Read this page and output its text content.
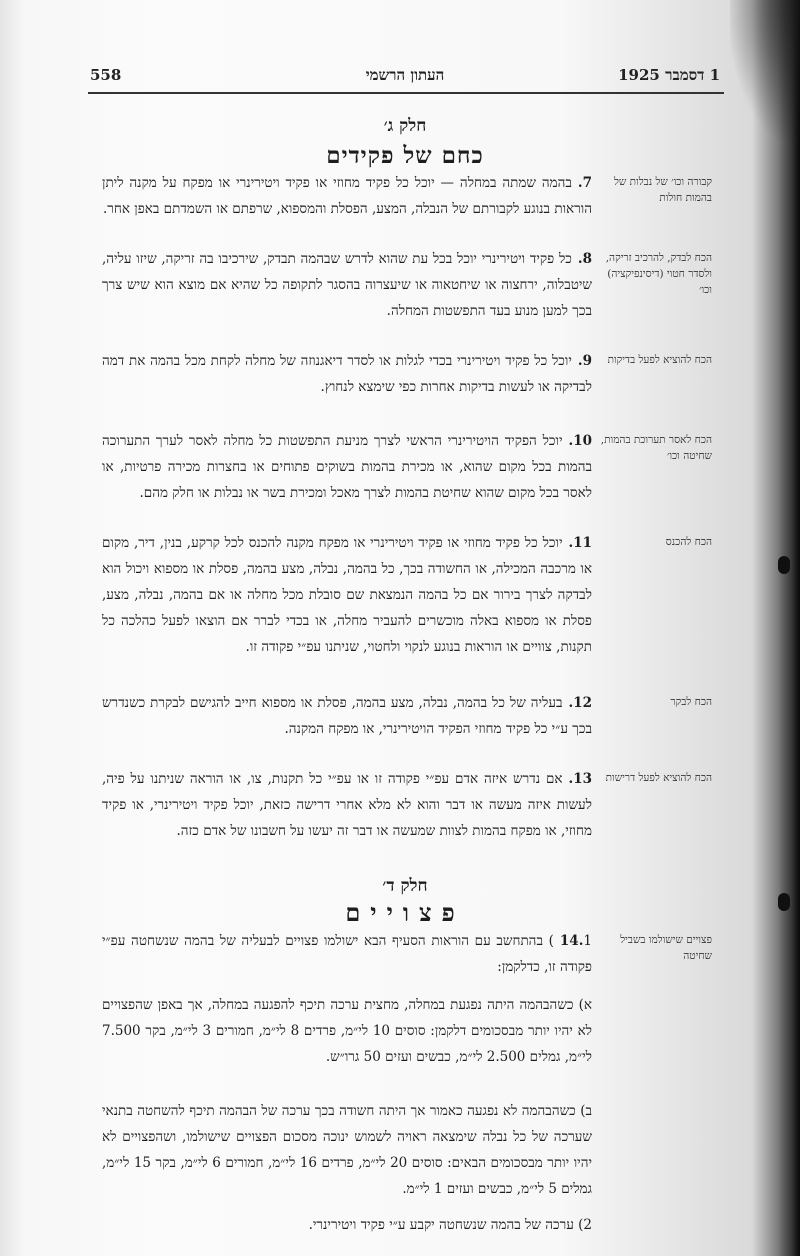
558	העתון הרשמי	1 דסמבר 1925
חלק ג׳
כחם של פקידים
קבורה וכו׳ של נבלות של בהמות חולות
7.בהמה שמתה במחלה — יוכל כל פקיד מחוזי או פקיד ויטירינרי או מפקח על מקנה ליתן הוראות בנוגע לקבורתם של הנבלה, המצע, הפסלת והמספוא, שרפתם או השמדתם באפן אחר.
הכח לבדק, להרכיב זריקה, ולסדר חטוי (דיסינפיקציה) וכו׳
8.כל פקיד ויטירינרי יוכל בכל עת שהוא לדרש שבהמה תבדק, שירכיבו בה זריקה, שיזו עליה, שיטבלוה, ירחצוה או שיחטאוה או שיעצרוה בהסגר לתקופה כל שהיא אם מוצא הוא שיש צרך בכך למען מנוע בעד התפשטות המחלה.
הכח להוציא לפעל בדיקות
9.יוכל כל פקיד ויטירינרי בכדי לגלות או לסדר דיאגנוזה של מחלה לקחת מכל בהמה את דמה לבדיקה או לעשות בדיקות אחרות כפי שימצא לנחוץ.
הכח לאסר תערוכת בהמות, שחיטה וכו׳
10.יוכל הפקיד הויטירינרי הראשי לצרך מניעת התפשטות כל מחלה לאסר לערך התערוכה בהמות בכל מקום שהוא, או מכירת בהמות בשוקים פתוחים או בחצרות מכירה פרטיות, או לאסר בכל מקום שהוא שחיטת בהמות לצרך מאכל ומכירת בשר או נבלות או חלק מהם.
הכח להכנס
11.יוכל כל פקיד מחוזי או פקיד ויטירינרי או מפקח מקנה להכנס לכל קרקע, בנין, דיר, מקום או מרכבה המכילה, או החשודה בכך, כל בהמה, נבלה, מצע בהמה, פסלת או מספוא ויכול הוא לבדקה לצרך בירור אם כל בהמה הנמצאת שם סובלת מכל מחלה או אם בהמה, נבלה, מצע, פסלת או מספוא באלה מוכשרים להעביר מחלה, או בכדי לברר אם הוצאו לפעל כהלכה כל תקנות, צוויים או הוראות בנוגע לנקוי ולחטוי, שניתנו עפ״י פקודה זו.
הכח לבקר
12.בעליה של כל בהמה, נבלה, מצע בהמה, פסלת או מספוא חייב להגישם לבקרת כשנדרש בכך ע״י כל פקיד מחוזי הפקיד הויטירינרי, או מפקח המקנה.
הכח להוציא לפעל דרישות
13.אם נדרש איזה אדם עפ״י פקודה זו או עפ״י כל תקנות, צו, או הוראה שניתנו על פיה, לעשות איזה מעשה או דבר והוא לא מלא אחרי דרישה כזאת, יוכל פקיד ויטירינרי, או פקיד מחוזי, או מפקח בהמות לצוות שמעשה או דבר זה יעשו על חשבונו של אדם כזה.
חלק ד׳
פצויים
פצויים שישולמו בשביל שחיטה
14.1) בהתחשב עם הוראות הסעיף הבא ישולמו פצויים לבעליה של בהמה שנשחטה עפ״י פקודה זו, כדלקמן:
א) כשהבהמה היתה נפגעת במחלה, מחצית ערכה תיכף להפגעה במחלה, אך באפן שהפצויים לא יהיו יותר מבסכומים דלקמן: סוסים 10 לי״מ, פרדים 8 לי״מ, חמורים 3 לי״מ, בקר 7.500 לי״מ, גמלים 2.500 לי״מ, כבשים ועזים 50 גרו״ש.
ב) כשהבהמה לא נפגעה כאמור אך היתה חשודה בכך ערכה של הבהמה תיכף להשחטה בתנאי שערכה של כל נבלה שימצאה ראויה לשמוש ינוכה מסכום הפצויים שישולמו, ושהפצויים לא יהיו יותר מבסכומים הבאים: סוסים 20 לי״מ, פרדים 16 לי״מ, חמורים 6 לי״מ, בקר 15 לי״מ, גמלים 5 לי״מ, כבשים ועזים 1 לי״מ.
2) ערכה של בהמה שנשחטה יקבע ע״י פקיד ויטירינרי.
